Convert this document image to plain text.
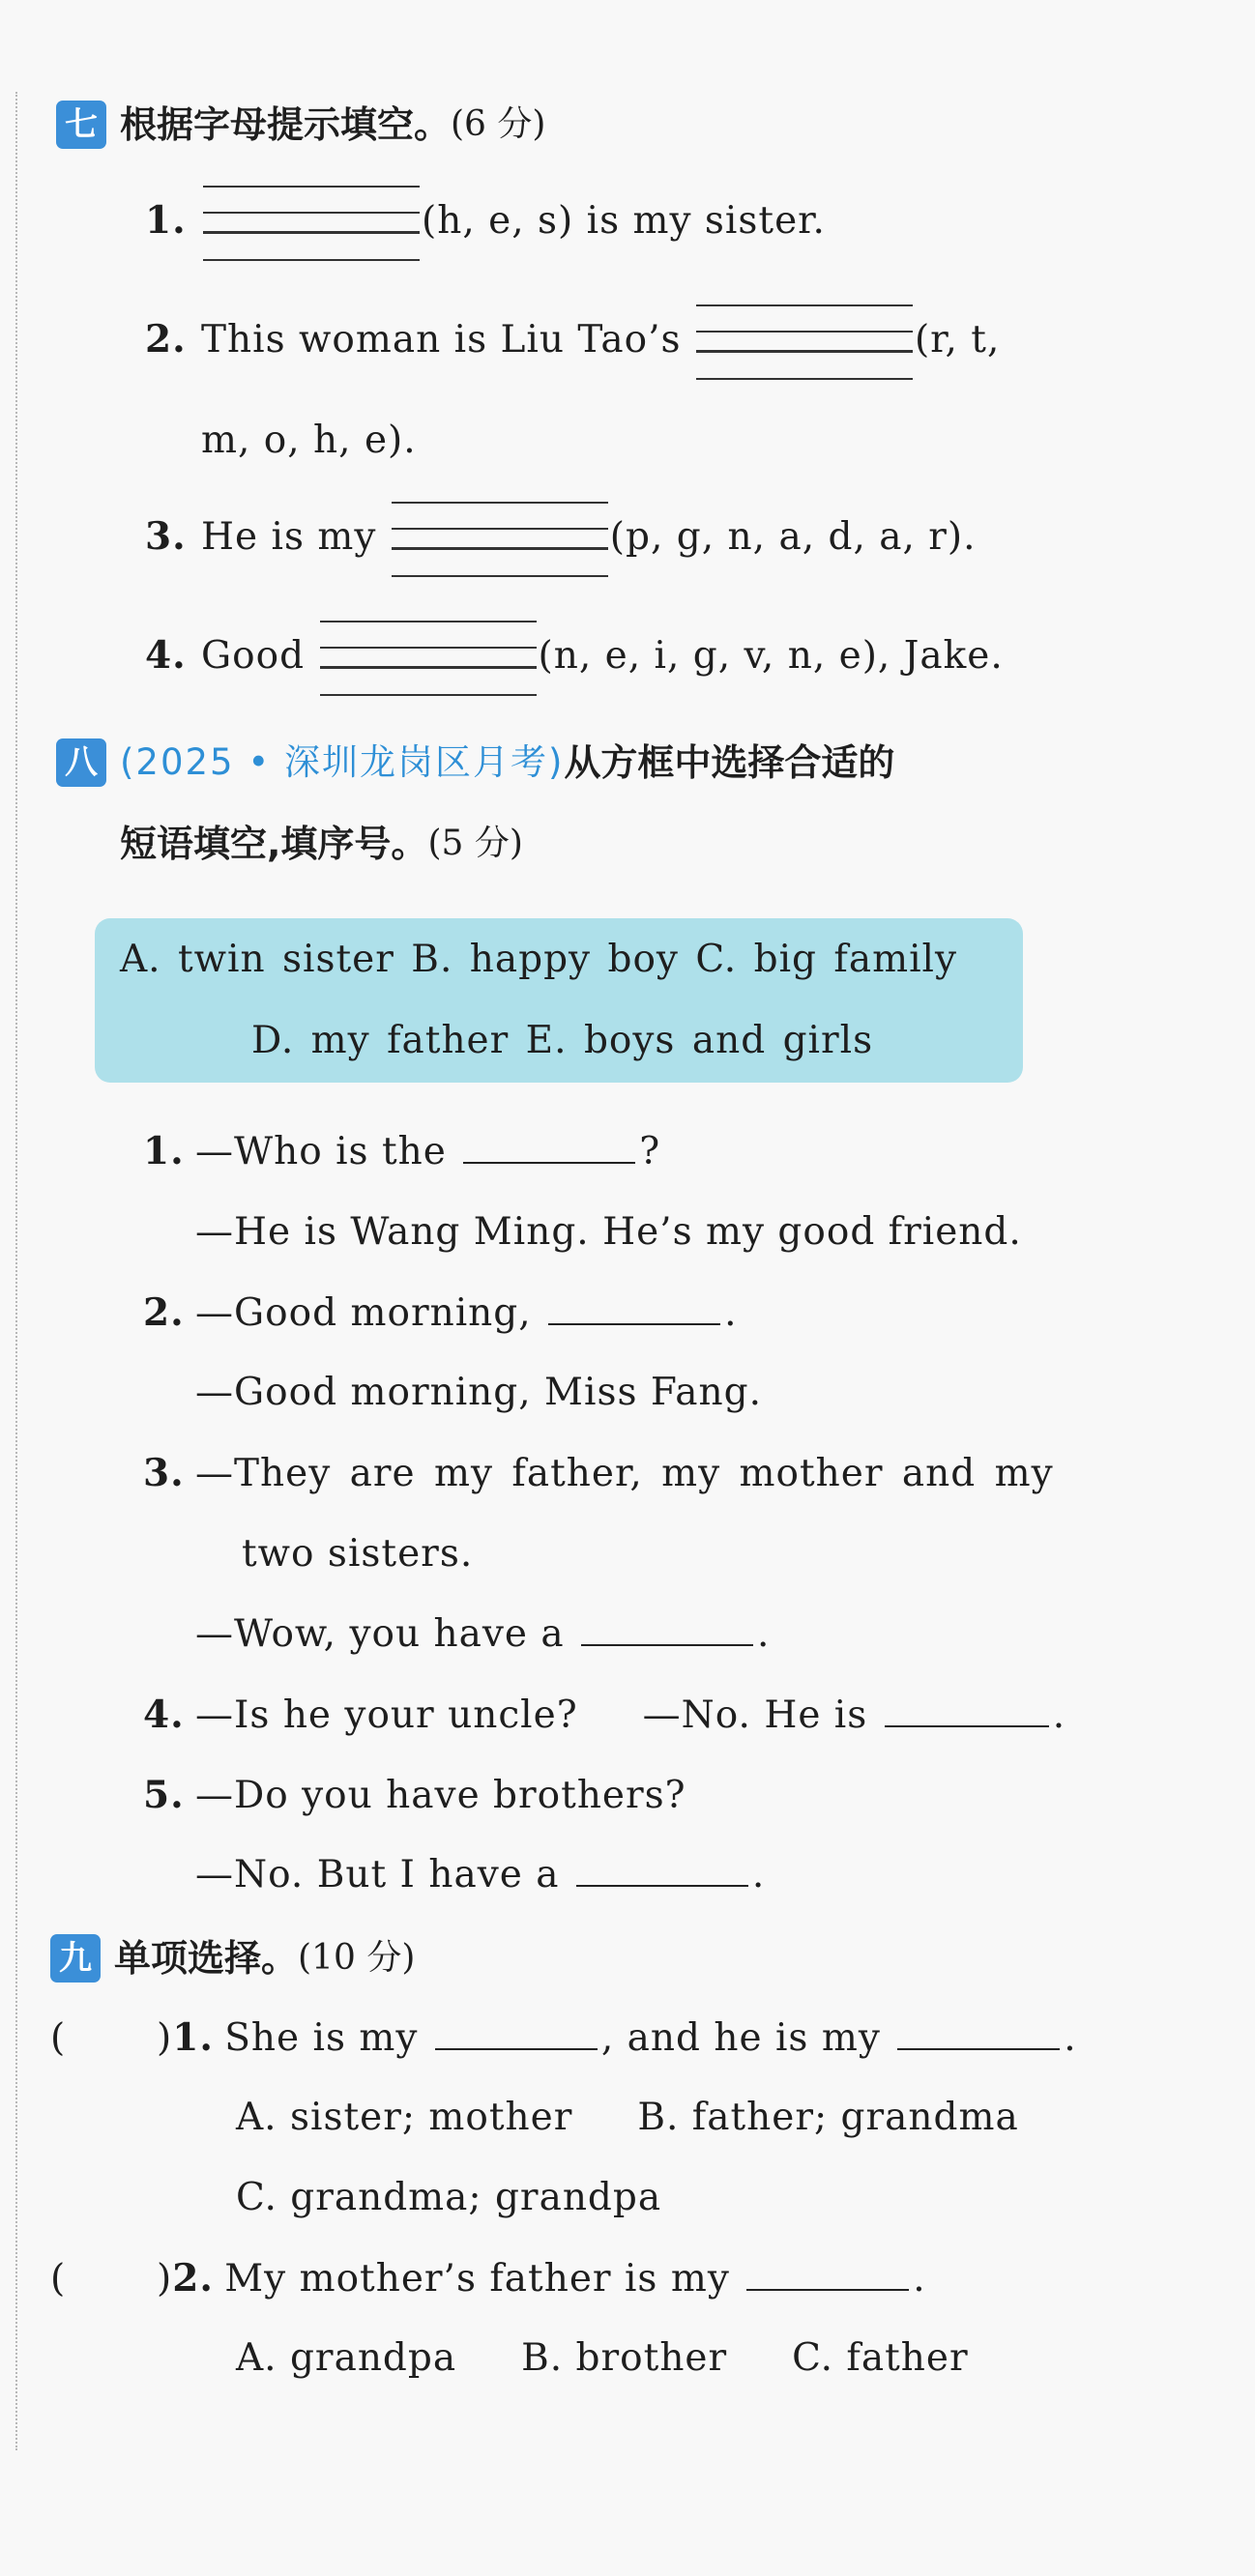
七 根据字母提示填空。(6 分)
1.	(h, e, s) is my sister.
2. This woman is Liu Tao’s	(r, t,
m, o, h, e).
3. He is my	(p, g, n, a, d, a, r).
4. Good	(n, e, i, g, v, n, e), Jake.
八 (2025 • 深圳龙岗区月考)从方框中选择合适的
短语填空,填序号。(5 分)
A. twin sister B. happy boy C. big family
D. my father E. boys and girls
1. —Who is the	?
—He is Wang Ming. He’s my good friend.
2. —Good morning,	.
—Good morning, Miss Fang.
3. —They are my father, my mother and my
two sisters.
—Wow, you have a	.
4. —Is he your uncle?     —No. He is	.
5. —Do you have brothers?
—No. But I have a	.
九 单项选择。(10 分)
( )1. She is my	, and he is my	.
A. sister; mother     B. father; grandma
C. grandma; grandpa
( )2. My mother’s father is my	.
A. grandpa     B. brother     C. father
